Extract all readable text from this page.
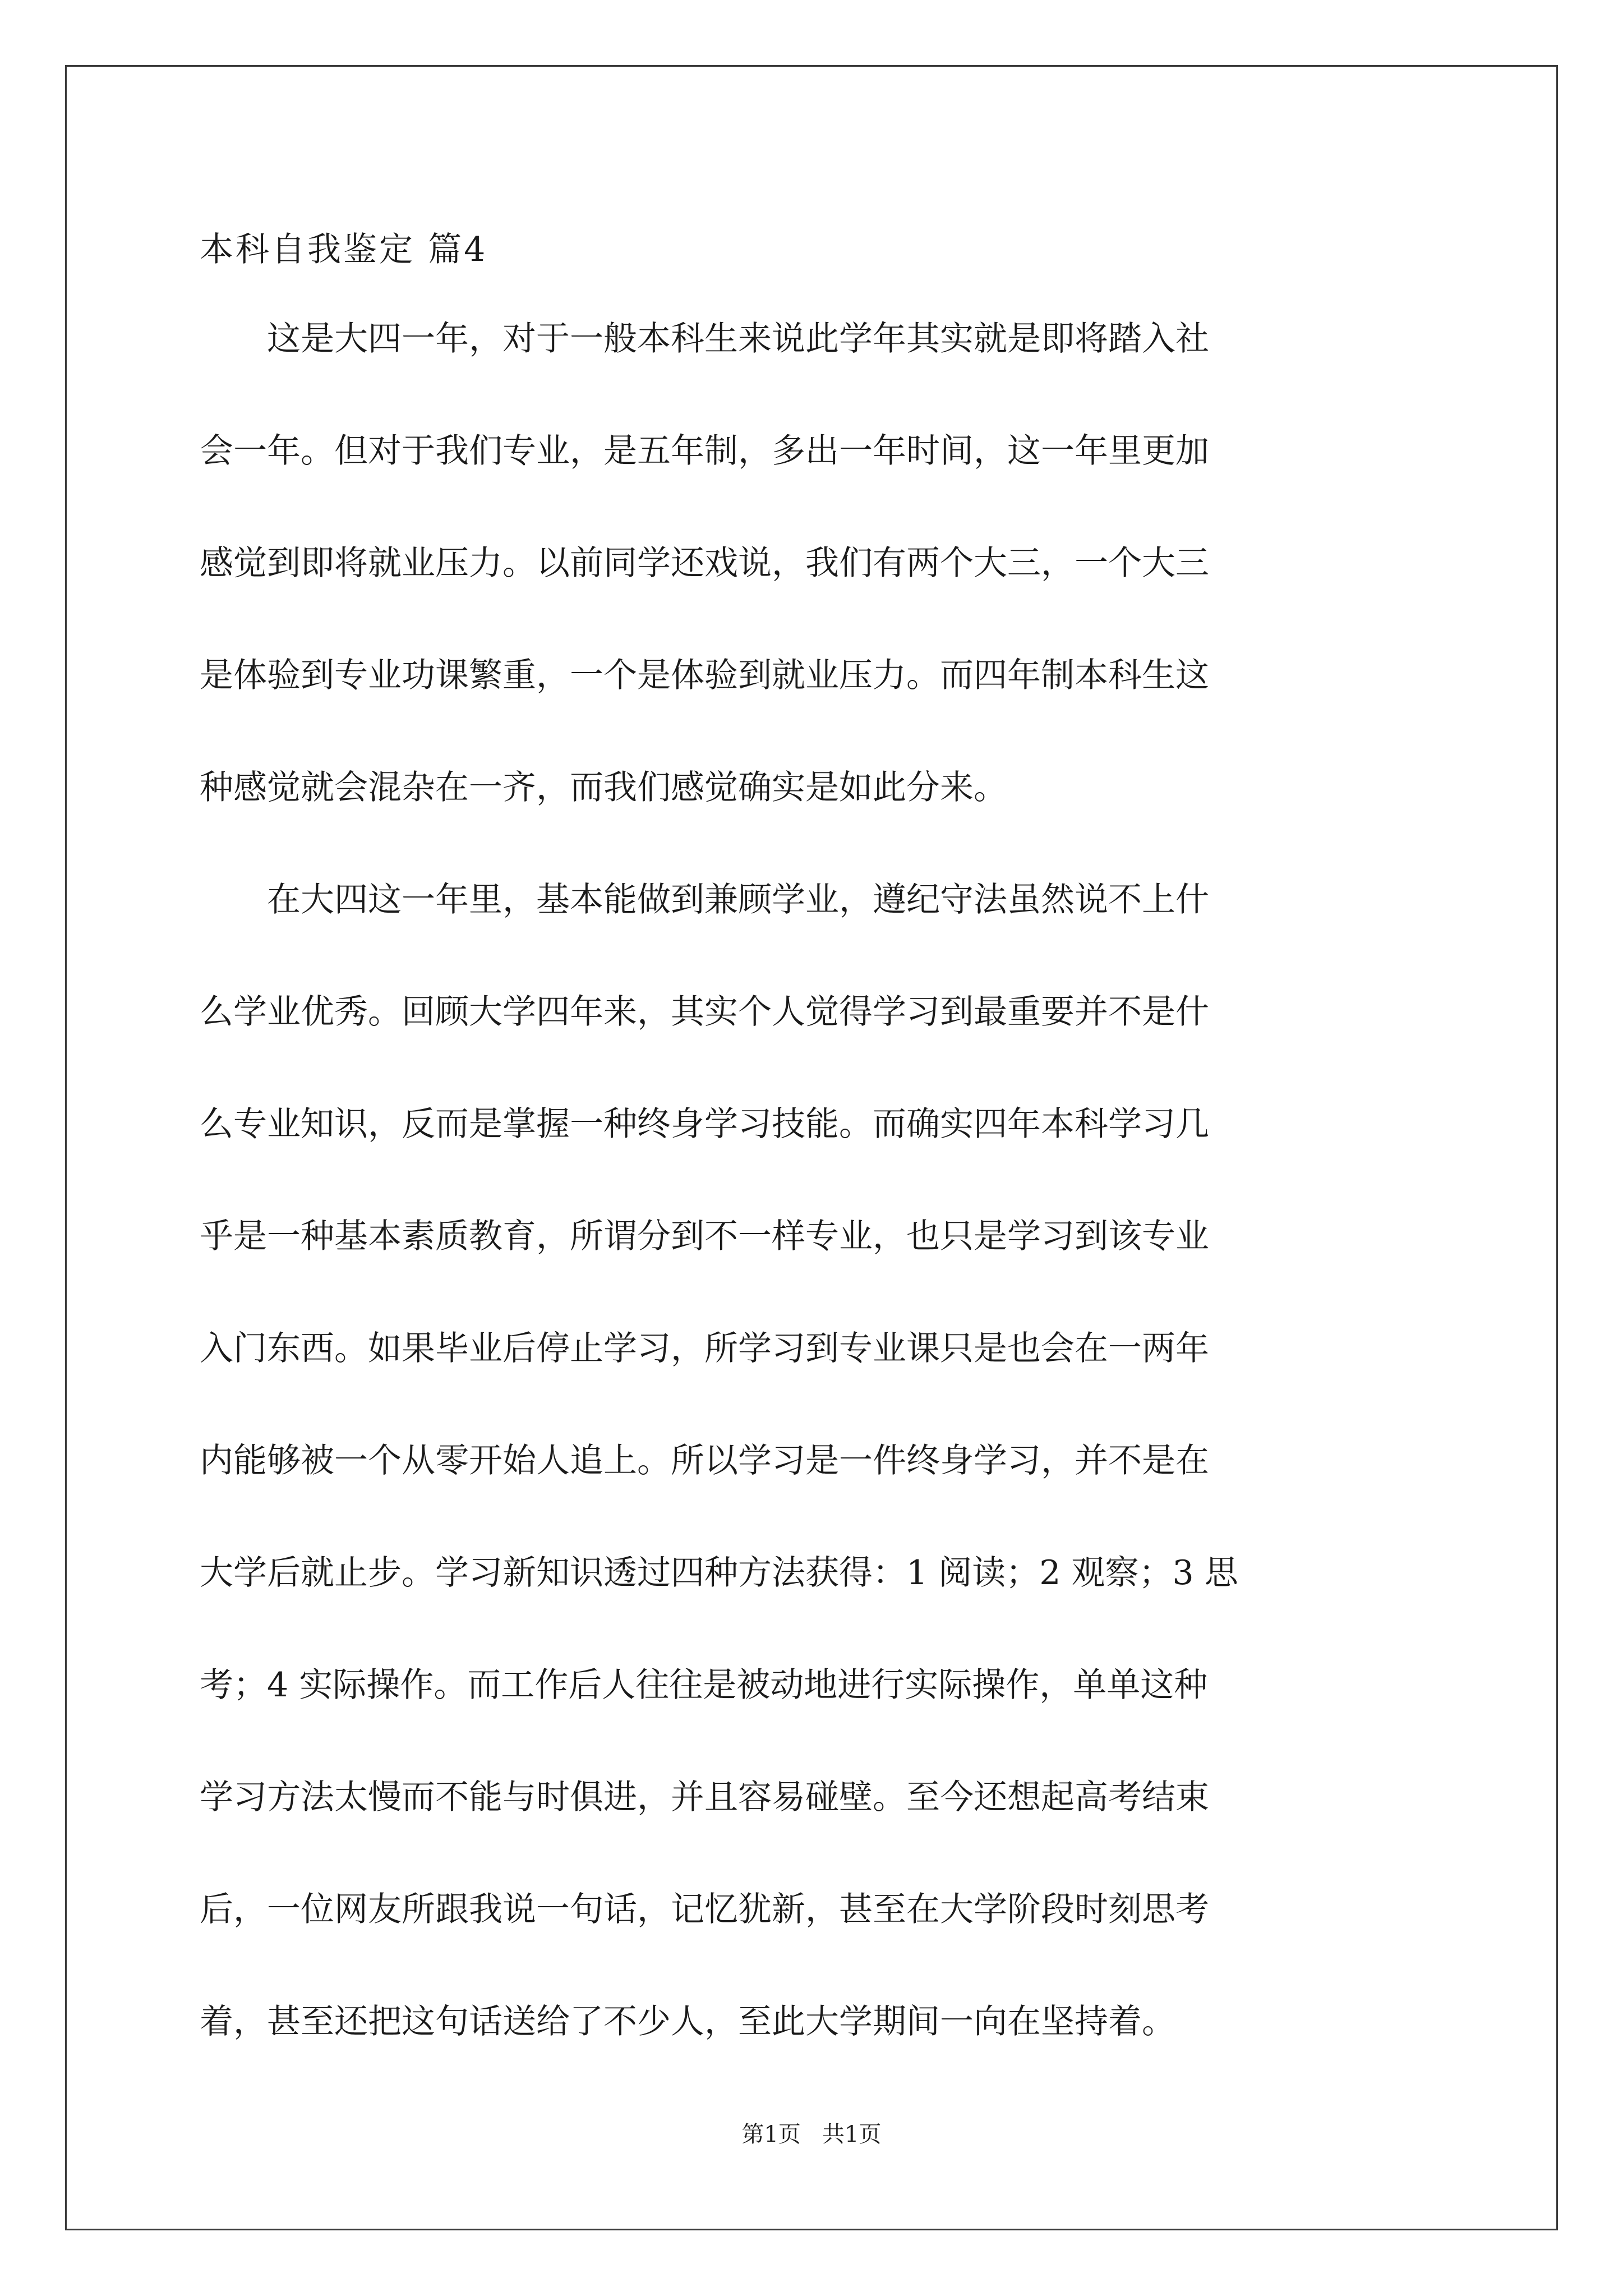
本科自我鉴定 篇4
这是大四一年，对于一般本科生来说此学年其实就是即将踏入社
会一年。但对于我们专业，是五年制，多出一年时间，这一年里更加
感觉到即将就业压力。以前同学还戏说，我们有两个大三，一个大三
是体验到专业功课繁重，一个是体验到就业压力。而四年制本科生这
种感觉就会混杂在一齐，而我们感觉确实是如此分来。
在大四这一年里，基本能做到兼顾学业，遵纪守法虽然说不上什
么学业优秀。回顾大学四年来，其实个人觉得学习到最重要并不是什
么专业知识，反而是掌握一种终身学习技能。而确实四年本科学习几
乎是一种基本素质教育，所谓分到不一样专业，也只是学习到该专业
入门东西。如果毕业后停止学习，所学习到专业课只是也会在一两年
内能够被一个从零开始人追上。所以学习是一件终身学习，并不是在
大学后就止步。学习新知识透过四种方法获得：1 阅读；2 观察；3 思
考；4 实际操作。而工作后人往往是被动地进行实际操作，单单这种
学习方法太慢而不能与时俱进，并且容易碰壁。至今还想起高考结束
后，一位网友所跟我说一句话，记忆犹新，甚至在大学阶段时刻思考
着，甚至还把这句话送给了不少人，至此大学期间一向在坚持着。
第1页   共1页
